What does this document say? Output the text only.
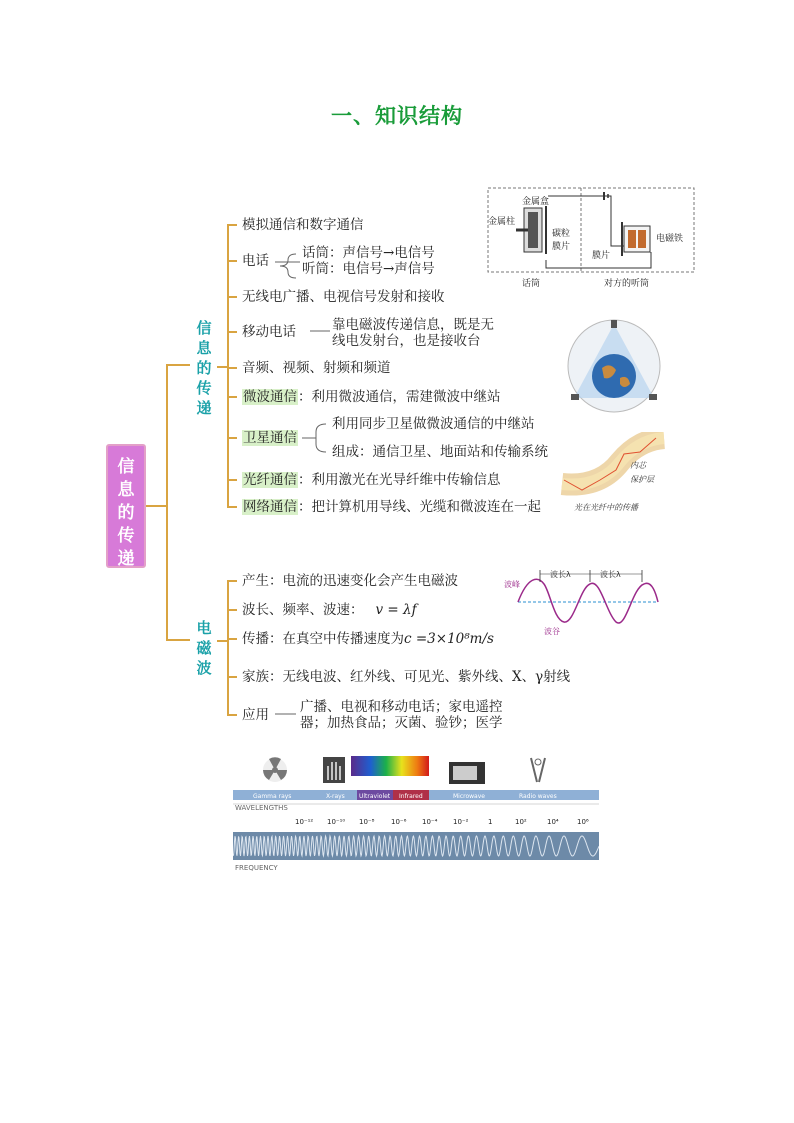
一、知识结构
信
息
的
传
递
信
息
的
传
递
电
磁
波
模拟通信和数字通信
电话 话筒：声信号→电信号
听筒：电信号→声信号
无线电广播、电视信号发射和接收
移动电话	靠电磁波传递信息，既是无
线电发射台，也是接收台
音频、视频、射频和频道
微波通信：利用微波通信，需建微波中继站
卫星通信
利用同步卫星做微波通信的中继站
组成：通信卫星、地面站和传输系统
光纤通信：利用激光在光导纤维中传输信息
网络通信：把计算机用导线、光缆和微波连在一起
产生：电流的迅速变化会产生电磁波
波长、频率、波速： v = λf
传播：在真空中传播速度为c =3×10⁸m/s
家族：无线电波、红外线、可见光、紫外线、X、γ射线
应用 广播、电视和移动电话；家电遥控
器；加热食品；灭菌、验钞；医学
金属盒
金属柱
碳粒
膜片
膜片
电磁铁
话筒	对方的听筒
内芯
保护层
光在光纤中的传播
波峰
波谷
波长λ	波长λ
Gamma rays	X-rays Ultraviolet Infrared	Microwave	Radio waves
WAVELENGTHS
10⁻¹² 10⁻¹⁰ 10⁻⁸ 10⁻⁶ 10⁻⁴ 10⁻²	1	10²	10⁴	10⁶
FREQUENCY
